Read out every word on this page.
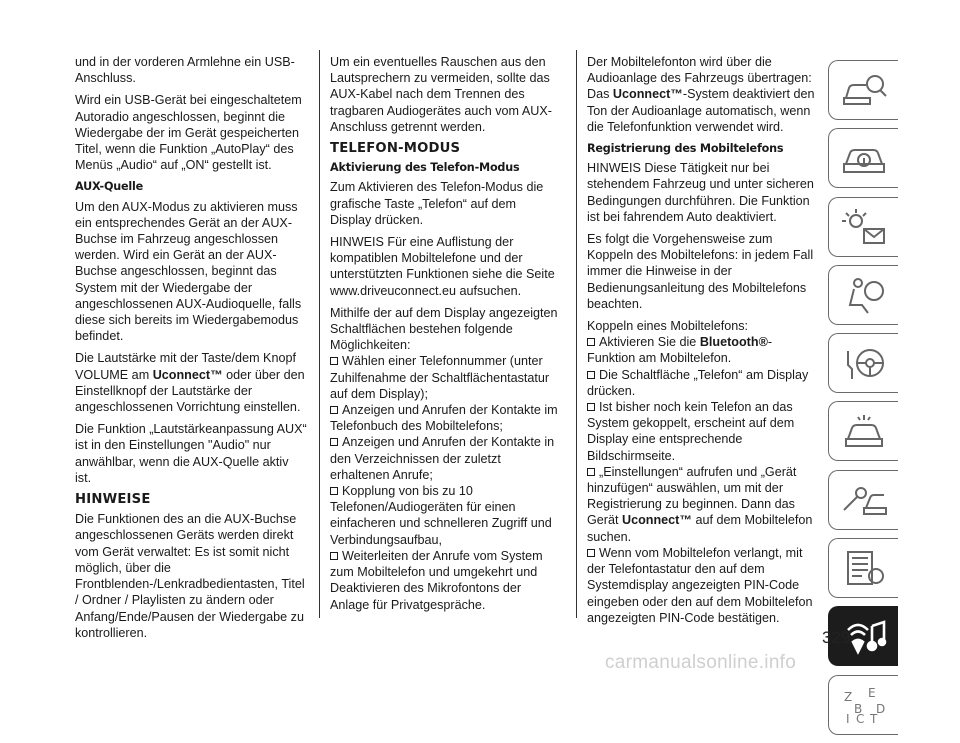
und in der vorderen Armlehne ein USB-Anschluss.

Wird ein USB-Gerät bei eingeschaltetem Autoradio angeschlossen, beginnt die Wiedergabe der im Gerät gespeicherten Titel, wenn die Funktion „AutoPlay“ des Menüs „Audio“ auf „ON“ gestellt ist.

AUX-Quelle

Um den AUX-Modus zu aktivieren muss ein entsprechendes Gerät an der AUX-Buchse im Fahrzeug angeschlossen werden. Wird ein Gerät an der AUX-Buchse angeschlossen, beginnt das System mit der Wiedergabe der angeschlossenen AUX-Audioquelle, falls diese sich bereits im Wiedergabemodus befindet.

Die Lautstärke mit der Taste/dem Knopf VOLUME am Uconnect™ oder über den Einstellknopf der Lautstärke der angeschlossenen Vorrichtung einstellen.

Die Funktion „Lautstärkeanpassung AUX“ ist in den Einstellungen "Audio" nur anwählbar, wenn die AUX-Quelle aktiv ist.

HINWEISE

Die Funktionen des an die AUX-Buchse angeschlossenen Geräts werden direkt vom Gerät verwaltet: Es ist somit nicht möglich, über die Frontblenden-/Lenkradbedientasten, Titel / Ordner / Playlisten zu ändern oder Anfang/Ende/Pausen der Wiedergabe zu kontrollieren.

Um ein eventuelles Rauschen aus den Lautsprechern zu vermeiden, sollte das AUX-Kabel nach dem Trennen des tragbaren Audiogerätes auch vom AUX-Anschluss getrennt werden.

TELEFON-MODUS
Aktivierung des Telefon-Modus

Zum Aktivieren des Telefon-Modus die grafische Taste „Telefon“ auf dem Display drücken.

HINWEIS Für eine Auflistung der kompatiblen Mobiltelefone und der unterstützten Funktionen siehe die Seite www.driveuconnect.eu aufsuchen.

Mithilfe der auf dem Display angezeigten Schaltflächen bestehen folgende Möglichkeiten:

Wählen einer Telefonnummer (unter Zuhilfenahme der Schaltflächentastatur auf dem Display);
Anzeigen und Anrufen der Kontakte im Telefonbuch des Mobiltelefons;
Anzeigen und Anrufen der Kontakte in den Verzeichnissen der zuletzt erhaltenen Anrufe;
Kopplung von bis zu 10 Telefonen/Audiogeräten für einen einfacheren und schnelleren Zugriff und Verbindungsaufbau,
Weiterleiten der Anrufe vom System zum Mobiltelefon und umgekehrt und Deaktivieren des Mikrofontons der Anlage für Privatgespräche.

Der Mobiltelefonton wird über die Audioanlage des Fahrzeugs übertragen: Das Uconnect™-System deaktiviert den Ton der Audioanlage automatisch, wenn die Telefonfunktion verwendet wird.

Registrierung des Mobiltelefons

HINWEIS Diese Tätigkeit nur bei stehendem Fahrzeug und unter sicheren Bedingungen durchführen. Die Funktion ist bei fahrendem Auto deaktiviert.

Es folgt die Vorgehensweise zum Koppeln des Mobiltelefons: in jedem Fall immer die Hinweise in der Bedienungsanleitung des Mobiltelefons beachten.

Koppeln eines Mobiltelefons:

Aktivieren Sie die Bluetooth®-Funktion am Mobiltelefon.
Die Schaltfläche „Telefon“ am Display drücken.
Ist bisher noch kein Telefon an das System gekoppelt, erscheint auf dem Display eine entsprechende Bildschirmseite.
„Einstellungen“ aufrufen und „Gerät hinzufügen“ auswählen, um mit der Registrierung zu beginnen. Dann das Gerät Uconnect™ auf dem Mobiltelefon suchen.
Wenn vom Mobiltelefon verlangt, mit der Telefontastatur den auf dem Systemdisplay angezeigten PIN-Code eingeben oder den auf dem Mobiltelefon angezeigten PIN-Code bestätigen.
Z E
B
I C T
D
329
carmanualsonline.info
